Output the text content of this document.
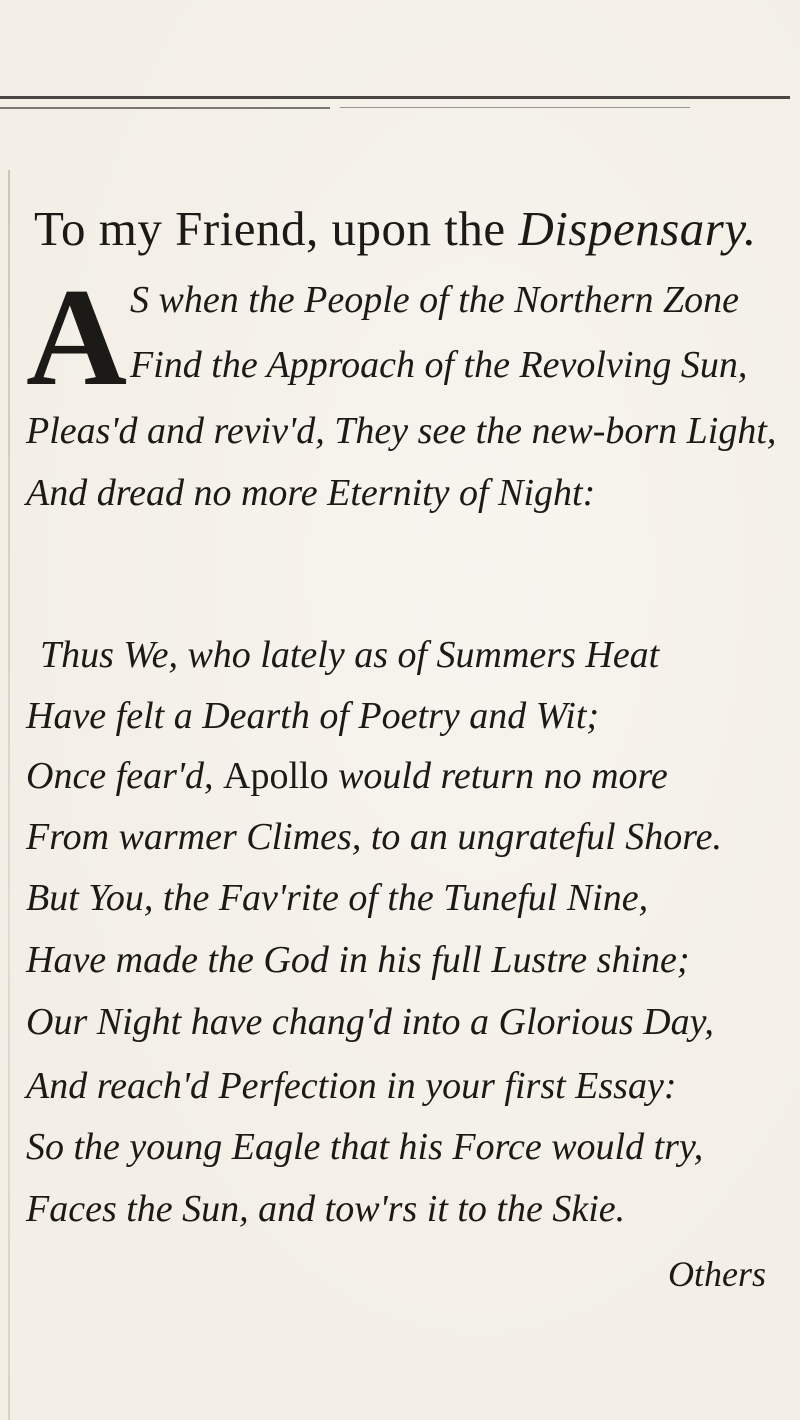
To my Friend, upon the Dispensary.
A S when the People of the Northern Zone
Find the Approach of the Revolving Sun,
Pleas'd and reviv'd, They see the new-born Light,
And dread no more Eternity of Night:
Thus We, who lately as of Summers Heat
Have felt a Dearth of Poetry and Wit;
Once fear'd, Apollo would return no more
From warmer Climes, to an ungrateful Shore.
But You, the Fav'rite of the Tuneful Nine,
Have made the God in his full Lustre shine;
Our Night have chang'd into a Glorious Day,
And reach'd Perfection in your first Essay:
So the young Eagle that his Force would try,
Faces the Sun, and tow'rs it to the Skie.
Others
